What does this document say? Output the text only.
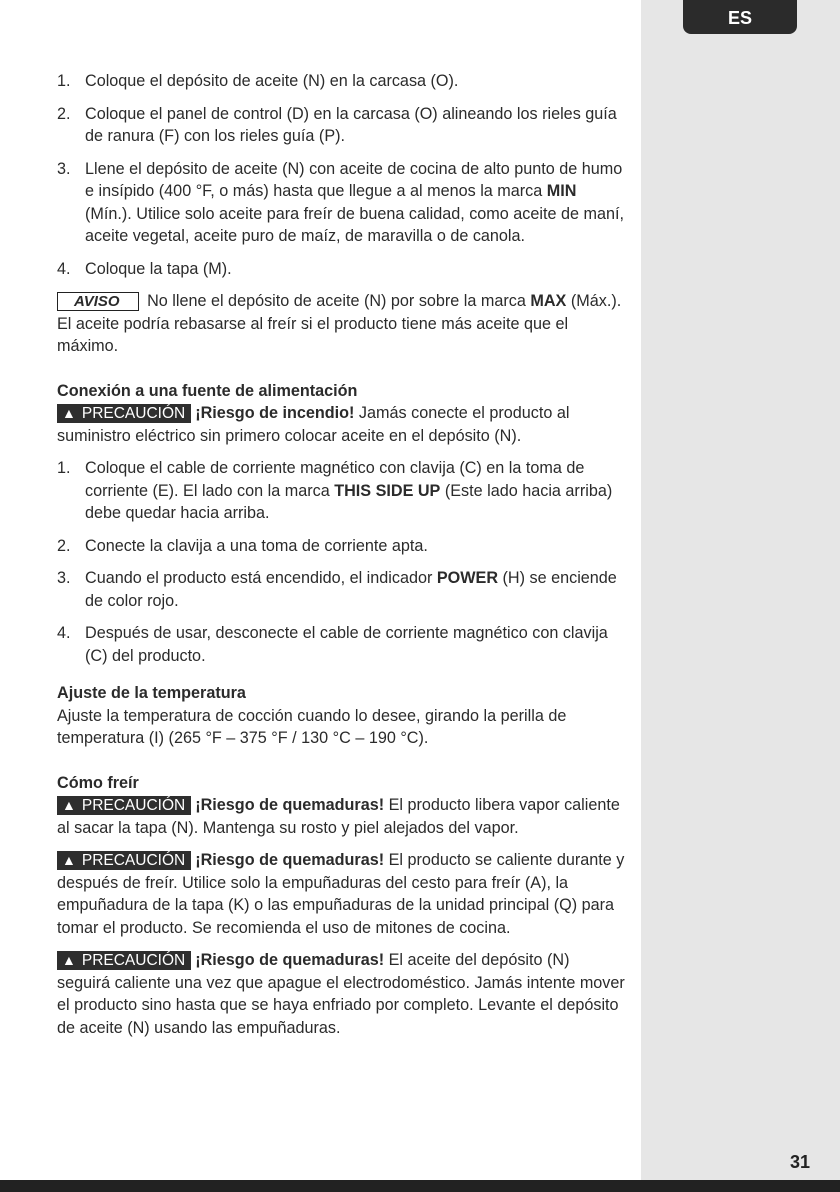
ES
1. Coloque el depósito de aceite (N) en la carcasa (O).
2. Coloque el panel de control (D) en la carcasa (O) alineando los rieles guía de ranura (F) con los rieles guía (P).
3. Llene el depósito de aceite (N) con aceite de cocina de alto punto de humo e insípido (400 °F, o más) hasta que llegue a al menos la marca MIN (Mín.). Utilice solo aceite para freír de buena calidad, como aceite de maní, aceite vegetal, aceite puro de maíz, de maravilla o de canola.
4. Coloque la tapa (M).
AVISO No llene el depósito de aceite (N) por sobre la marca MAX (Máx.). El aceite podría rebasarse al freír si el producto tiene más aceite que el máximo.
Conexión a una fuente de alimentación
▲ PRECAUCIÓN ¡Riesgo de incendio! Jamás conecte el producto al suministro eléctrico sin primero colocar aceite en el depósito (N).
1. Coloque el cable de corriente magnético con clavija (C) en la toma de corriente (E). El lado con la marca THIS SIDE UP (Este lado hacia arriba) debe quedar hacia arriba.
2. Conecte la clavija a una toma de corriente apta.
3. Cuando el producto está encendido, el indicador POWER (H) se enciende de color rojo.
4. Después de usar, desconecte el cable de corriente magnético con clavija (C) del producto.
Ajuste de la temperatura
Ajuste la temperatura de cocción cuando lo desee, girando la perilla de temperatura (I) (265 °F – 375 °F / 130 °C – 190 °C).
Cómo freír
▲ PRECAUCIÓN ¡Riesgo de quemaduras! El producto libera vapor caliente al sacar la tapa (N). Mantenga su rosto y piel alejados del vapor.
▲ PRECAUCIÓN ¡Riesgo de quemaduras! El producto se caliente durante y después de freír. Utilice solo la empuñaduras del cesto para freír (A), la empuñadura de la tapa (K) o las empuñaduras de la unidad principal (Q) para tomar el producto. Se recomienda el uso de mitones de cocina.
▲ PRECAUCIÓN ¡Riesgo de quemaduras! El aceite del depósito (N) seguirá caliente una vez que apague el electrodoméstico. Jamás intente mover el producto sino hasta que se haya enfriado por completo. Levante el depósito de aceite (N) usando las empuñaduras.
31
